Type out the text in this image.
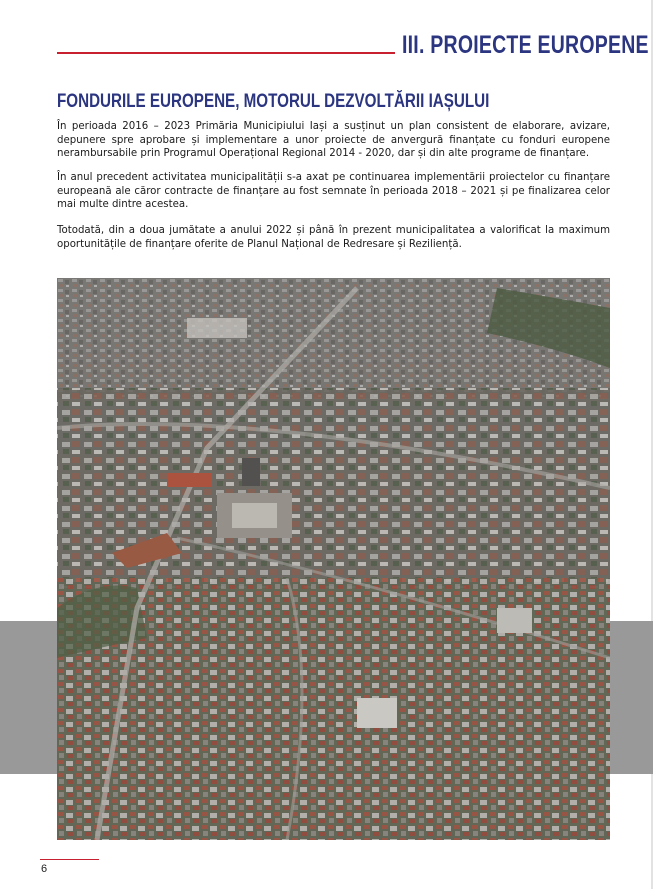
III. PROIECTE EUROPENE
FONDURILE EUROPENE, MOTORUL DEZVOLTĂRII IAȘULUI

În perioada 2016 – 2023 Primăria Municipiului Iași a susținut un plan consistent de elaborare, avizare, depunere spre aprobare și implementare a unor proiecte de anvergură finanțate cu fonduri europene nerambursabile prin Programul Operațional Regional 2014 - 2020, dar și din alte programe de finanțare.

În anul precedent activitatea municipalității s-a axat pe continuarea implementării proiectelor cu finanțare europeană ale căror contracte de finanțare au fost semnate în perioada 2018 – 2021 și pe finalizarea celor mai multe dintre acestea.

Totodată, din a doua jumătate a anului 2022 și până în prezent municipalitatea a valorificat la maximum oportunitățile de finanțare oferite de Planul Național de Redresare și Reziliență.

6
